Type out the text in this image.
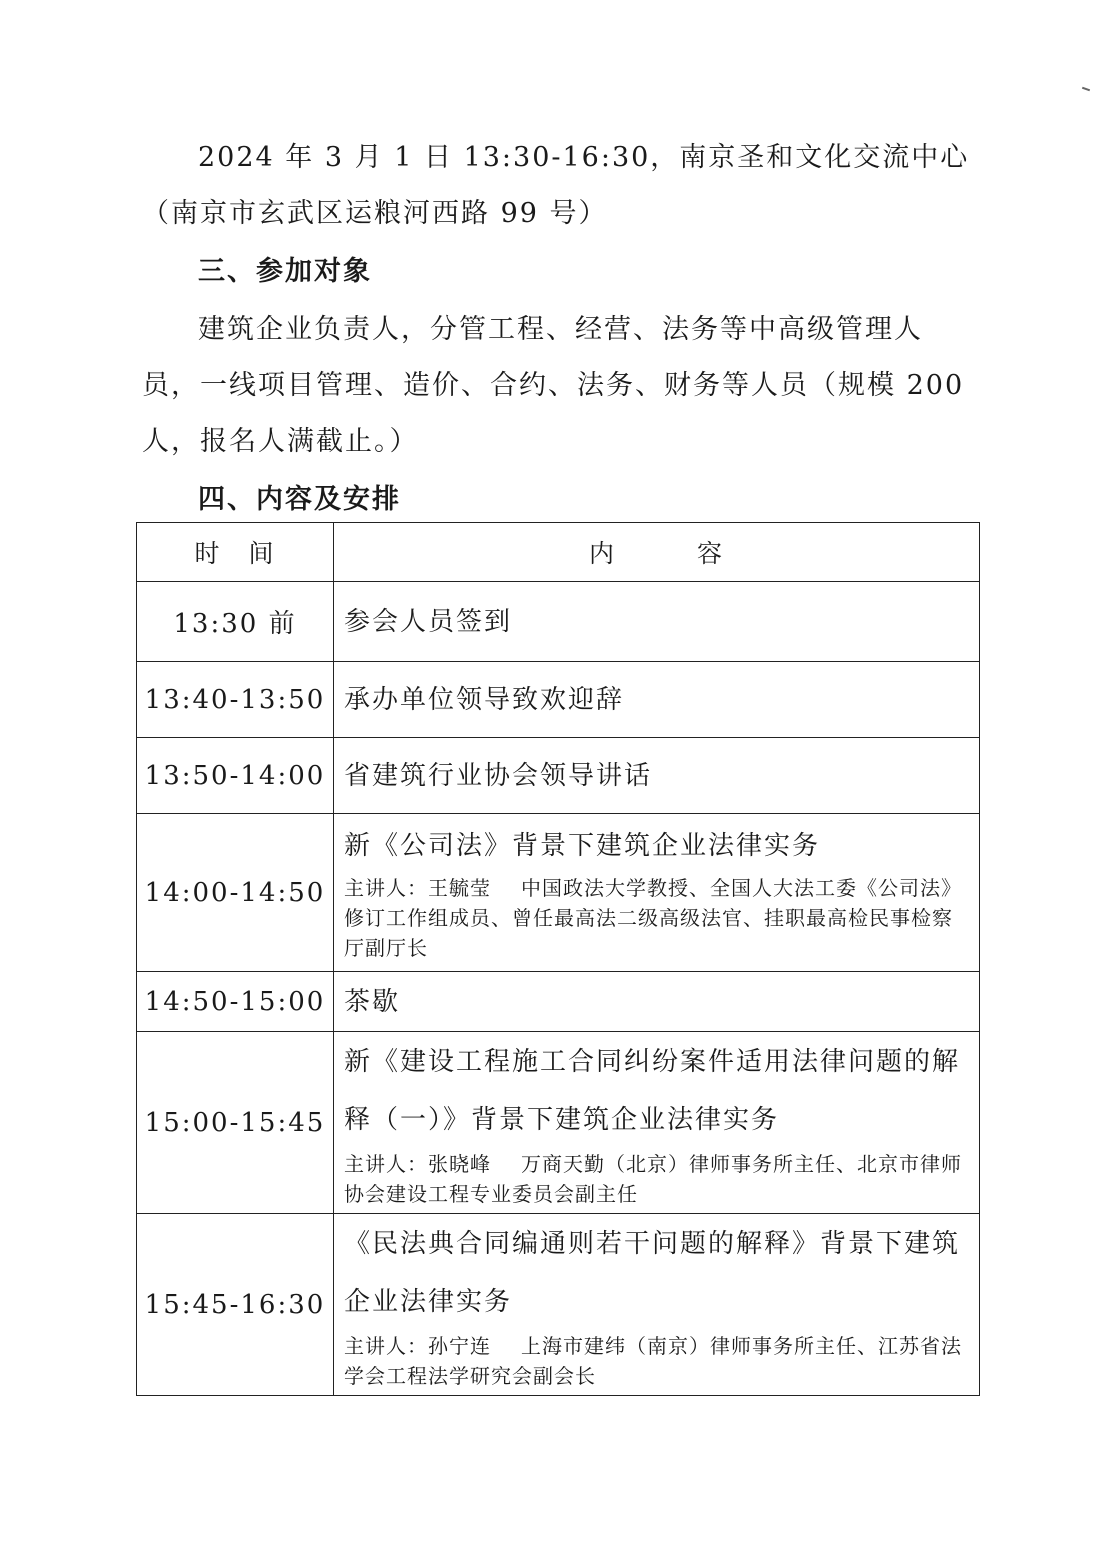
2024 年 3 月 1 日 13:30-16:30，南京圣和文化交流中心（南京市玄武区运粮河西路 99 号）

三、参加对象

建筑企业负责人，分管工程、经营、法务等中高级管理人员，一线项目管理、造价、合约、法务、财务等人员（规模 200 人，报名人满截止。）

四、内容及安排

时　间	内　　　容
13:30 前	参会人员签到

13:40-13:50	承办单位领导致欢迎辞

13:50-14:00	省建筑行业协会领导讲话

14:00-14:50	新《公司法》背景下建筑企业法律实务
主讲人：王毓莹 中国政法大学教授、全国人大法工委《公司法》修订工作组成员、曾任最高法二级高级法官、挂职最高检民事检察厅副厅长

14:50-15:00	茶歇

15:00-15:45	新《建设工程施工合同纠纷案件适用法律问题的解释（一）》背景下建筑企业法律实务
主讲人：张晓峰 万商天勤（北京）律师事务所主任、北京市律师协会建设工程专业委员会副主任

15:45-16:30	《民法典合同编通则若干问题的解释》背景下建筑企业法律实务
主讲人：孙宁连 上海市建纬（南京）律师事务所主任、江苏省法学会工程法学研究会副会长
